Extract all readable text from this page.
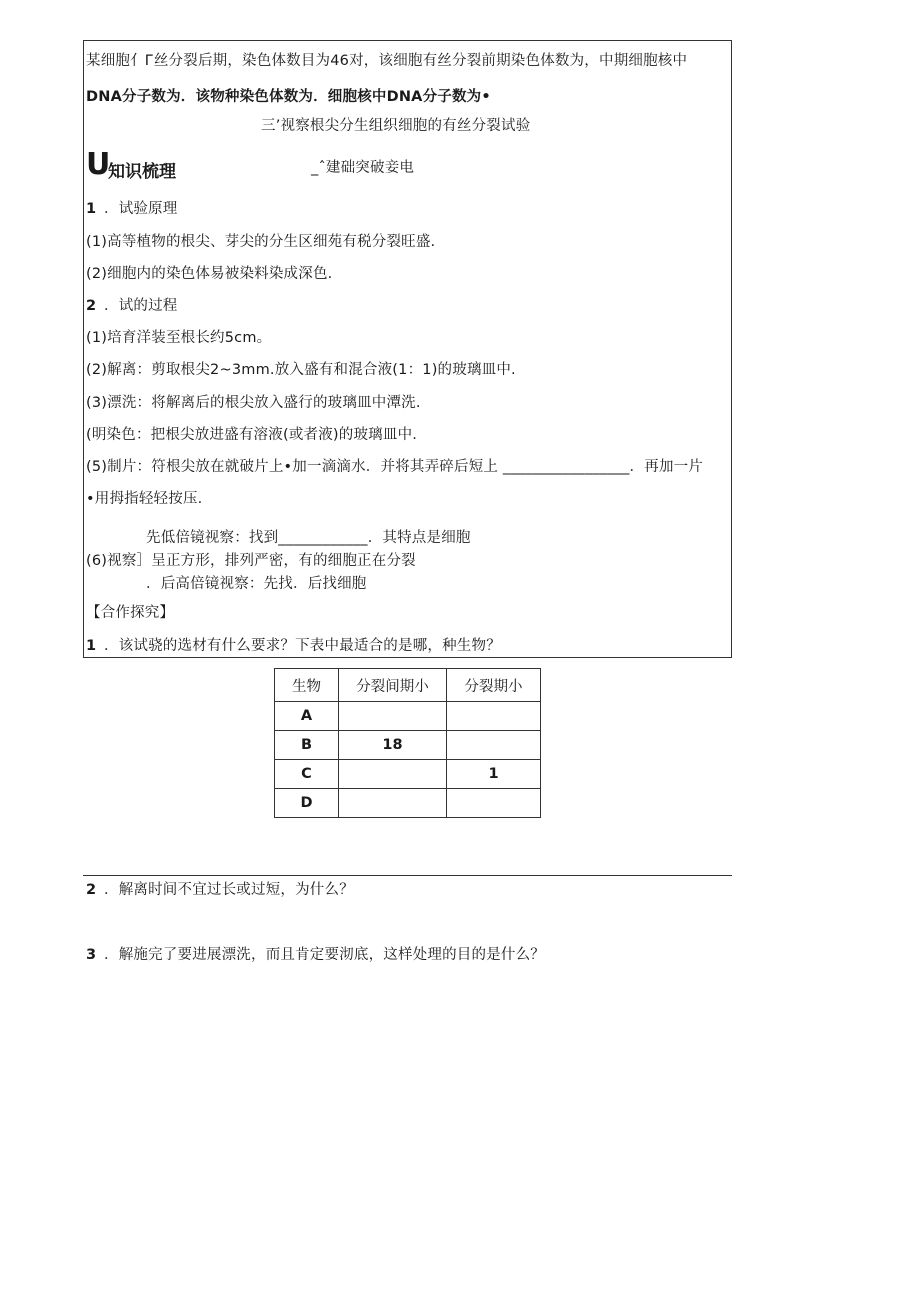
某细胞亻Г丝分裂后期，染色体数目为46对，该细胞有丝分裂前期染色体数为，中期细胞核中
DNA分子数为．该物种染色体数为．细胞核中DNA分子数为•
三’视察根尖分生组织细胞的有丝分裂试验
U
知识梳理	_ˆ建础突破妾电
1 ．试验原理
(1)高等植物的根尖、芽尖的分生区细苑有税分裂旺盛.
(2)细胞内的染色体易被染料染成深色.
2 ．试的过程
(1)培育洋装至根长约5cm。
(2)解离：剪取根尖2~3mm.放入盛有和混合液(1：1)的玻璃皿中.
(3)漂洗：将解离后的根尖放入盛行的玻璃皿中潭洗.
(明染色：把根尖放进盛有溶液(或者液)的玻璃皿中.
(5)制片：符根尖放在就破片上•加一滴滴水．并将其弄碎后短上 _________________．再加一片
•用拇指轻轻按压.
先低倍镜视察：找到____________．其特点是细胞
(6)视察］呈正方形，排列严密，有的细胞正在分裂
．后高倍镜视察：先找．后找细胞
【合作探究】
1 ．该试骁的选材有什么要求？下表中最适合的是哪，种生物？
生物	分裂间期小	分裂期小
A		
B	18	
C		1
D		
2 ．解离时间不宜过长或过短，为什么？
3 ．解施完了要进展漂洗，而且肯定要沏底，这样处理的目的是什么？
